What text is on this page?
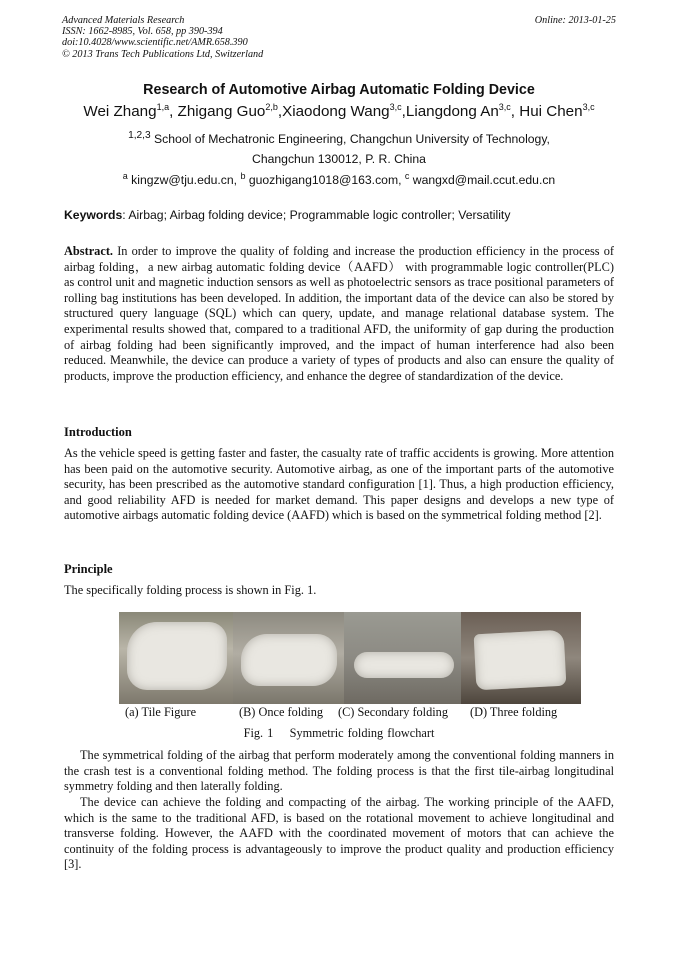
Advanced Materials Research
ISSN: 1662-8985, Vol. 658, pp 390-394
doi:10.4028/www.scientific.net/AMR.658.390
© 2013 Trans Tech Publications Ltd, Switzerland
Online: 2013-01-25
Research of Automotive Airbag Automatic Folding Device
Wei Zhang$^{1,a}$, Zhigang Guo$^{2,b}$,Xiaodong Wang$^{3,c}$,Liangdong An$^{3,c}$, Hui Chen$^{3,c}$
$^{1,2,3}$ School of Mechatronic Engineering, Changchun University of Technology,
Changchun 130012, P. R. China
$^a$ kingzw@tju.edu.cn, $^b$ guozhigang1018@163.com, $^c$ wangxd@mail.ccut.edu.cn
Keywords: Airbag; Airbag folding device; Programmable logic controller; Versatility
Abstract. In order to improve the quality of folding and increase the production efficiency in the process of airbag folding，a new airbag automatic folding device（AAFD） with programmable logic controller(PLC) as control unit and magnetic induction sensors as well as photoelectric sensors as trace positional parameters of rolling bag institutions has been developed. In addition, the important data of the device can also be stored by structured query language (SQL) which can query, update, and manage relational database system. The experimental results showed that, compared to a traditional AFD, the uniformity of gap during the production of airbag folding had been significantly improved, and the impact of human interference had also been reduced. Meanwhile, the device can produce a variety of types of products and also can ensure the quality of products, improve the production efficiency, and enhance the degree of standardization of the device.
Introduction
As the vehicle speed is getting faster and faster, the casualty rate of traffic accidents is growing. More attention has been paid on the automotive security. Automotive airbag, as one of the important parts of the automotive security, has been prescribed as the automotive standard configuration [1]. Thus, a high production efficiency, and good reliability AFD is needed for market demand. This paper designs and develops a new type of automotive airbags automatic folding device (AAFD) which is based on the symmetrical folding method [2].
Principle
The specifically folding process is shown in Fig. 1.
(a) Tile Figure	(B) Once folding (C) Secondary folding (D) Three folding
Fig. 1    Symmetric folding flowchart
The symmetrical folding of the airbag that perform moderately among the conventional folding manners in the crash test is a conventional folding method. The folding process is that the first tile-airbag longitudinal symmetry folding and then laterally folding.
The device can achieve the folding and compacting of the airbag. The working principle of the AAFD, which is the same to the traditional AFD, is based on the rotational movement to achieve longitudinal and transverse folding. However, the AAFD with the coordinated movement of motors that can achieve the continuity of the folding process is advantageously to improve the product quality and production efficiency [3].
